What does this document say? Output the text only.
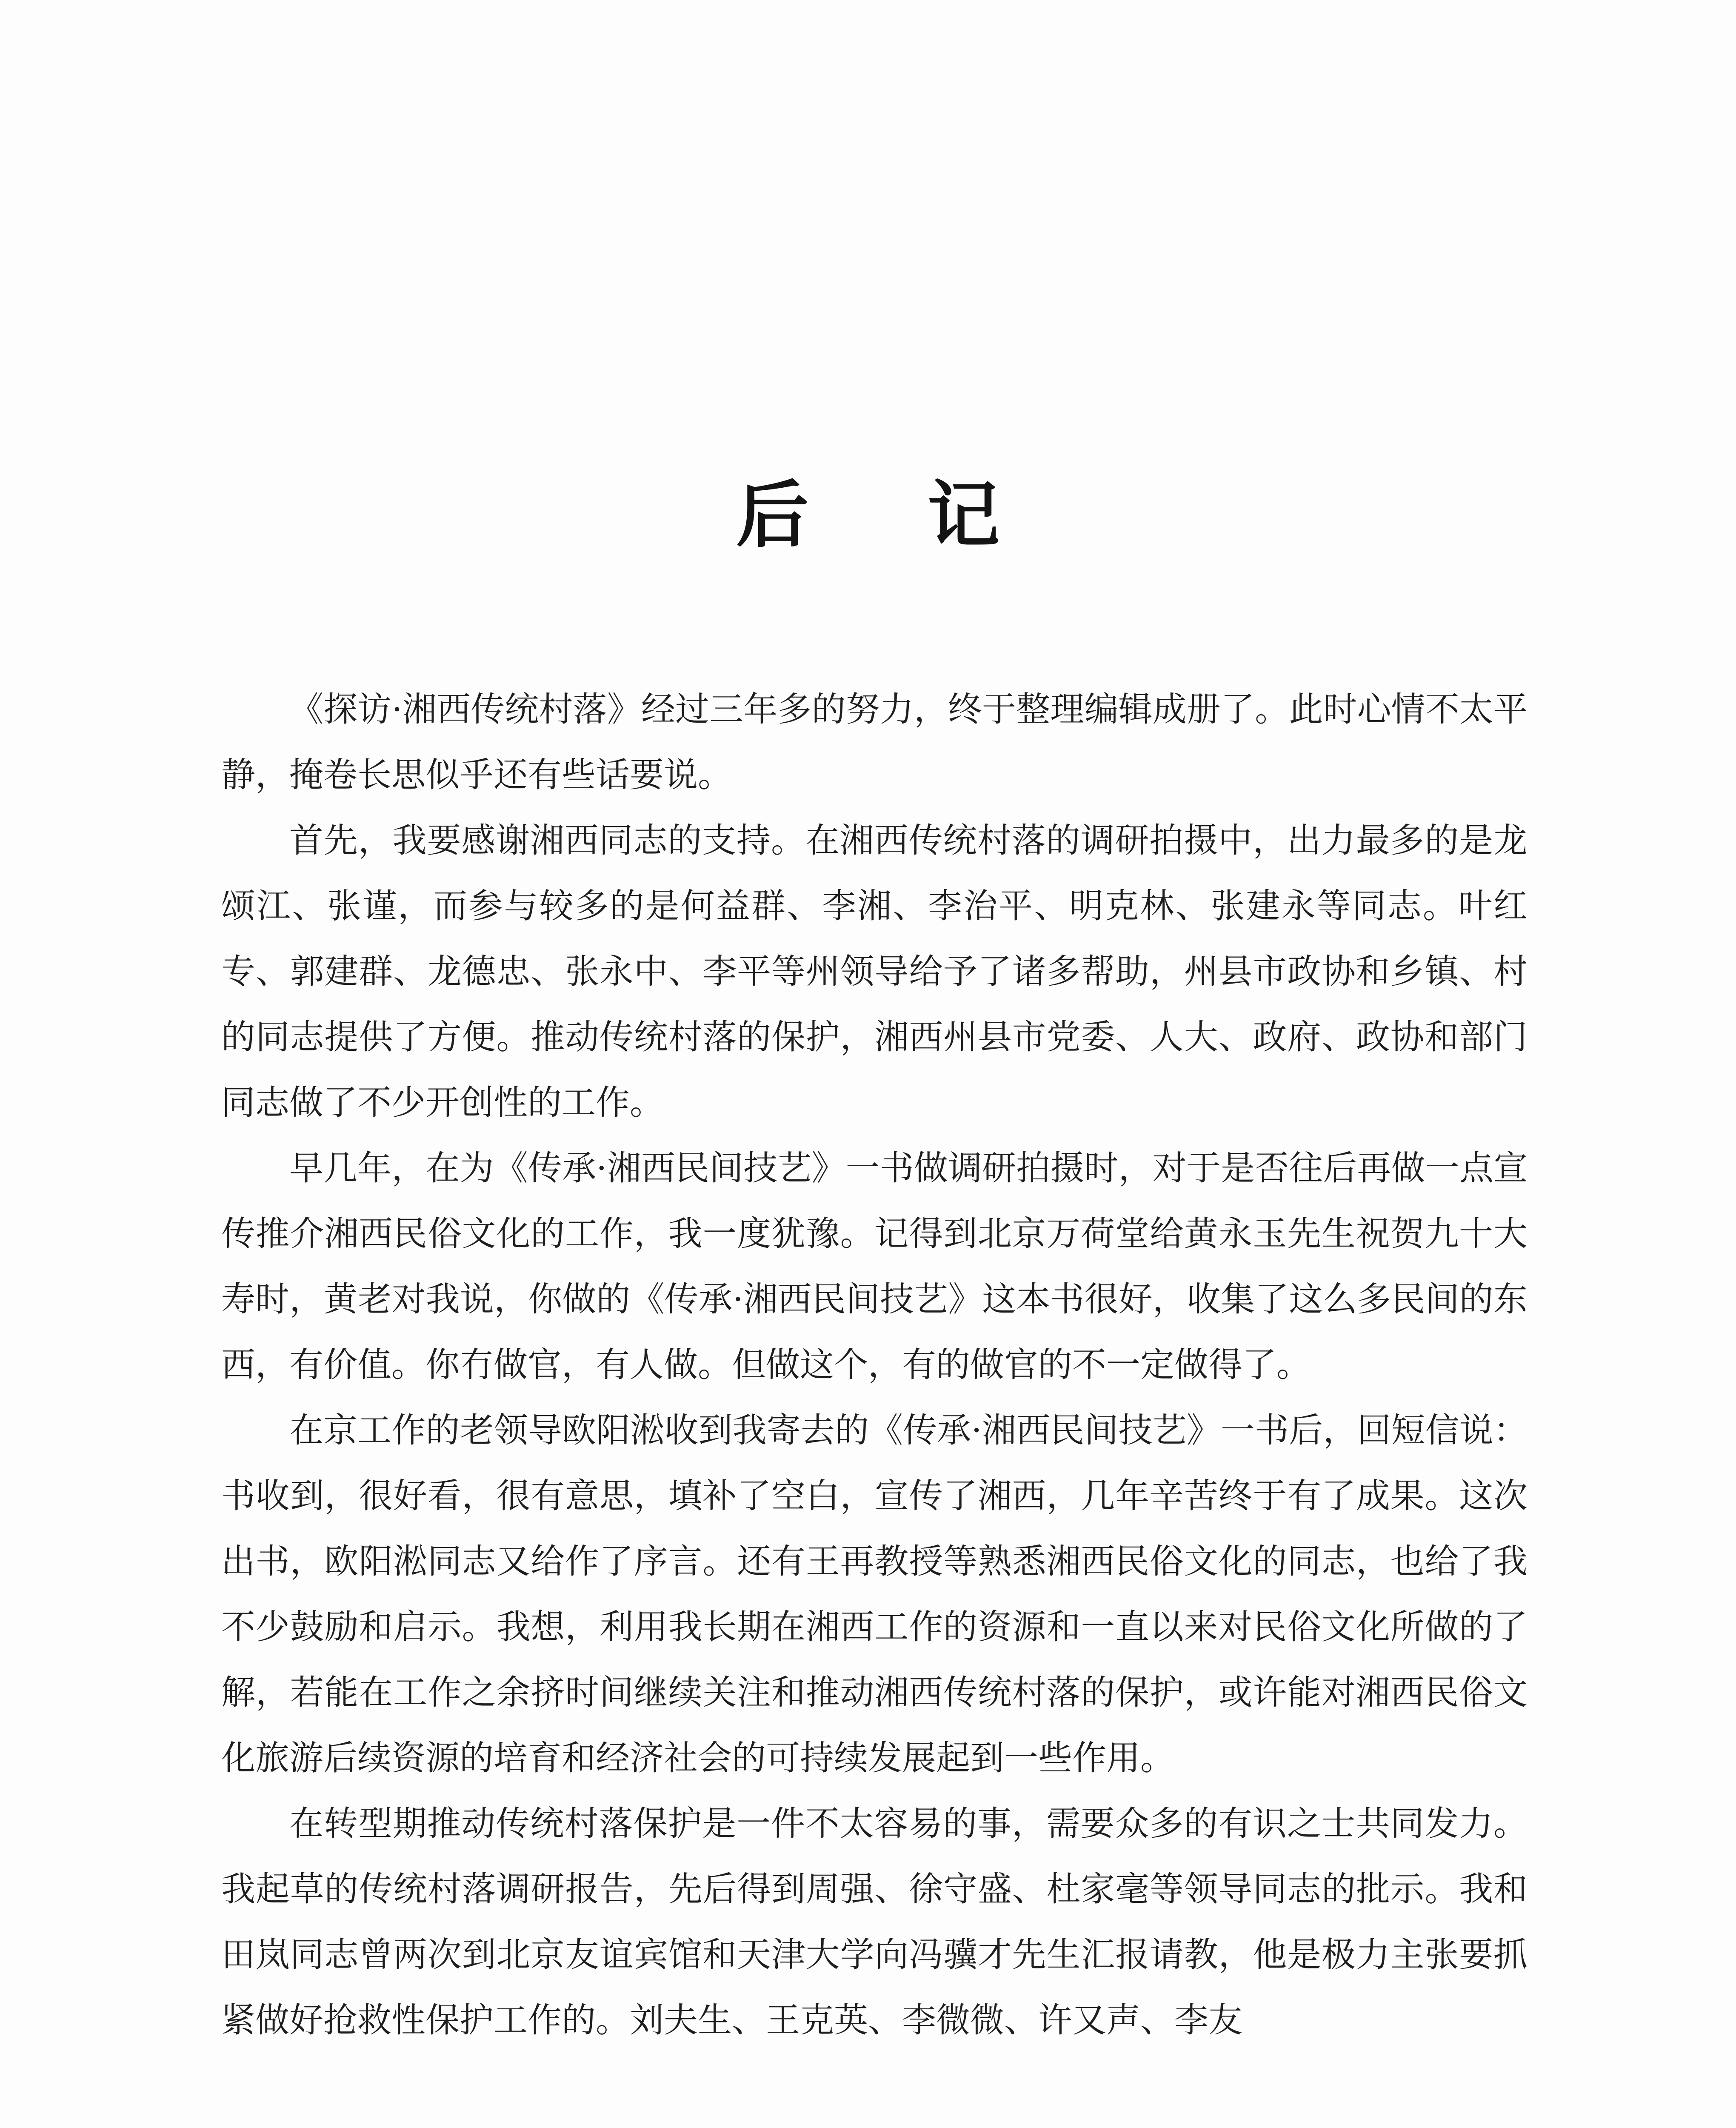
后 记

《探访·湘西传统村落》经过三年多的努力，终于整理编辑成册了。此时心情不太平静，掩卷长思似乎还有些话要说。

首先，我要感谢湘西同志的支持。在湘西传统村落的调研拍摄中，出力最多的是龙颂江、张谨，而参与较多的是何益群、李湘、李治平、明克林、张建永等同志。叶红专、郭建群、龙德忠、张永中、李平等州领导给予了诸多帮助，州县市政协和乡镇、村的同志提供了方便。推动传统村落的保护，湘西州县市党委、人大、政府、政协和部门同志做了不少开创性的工作。

早几年，在为《传承·湘西民间技艺》一书做调研拍摄时，对于是否往后再做一点宣传推介湘西民俗文化的工作，我一度犹豫。记得到北京万荷堂给黄永玉先生祝贺九十大寿时，黄老对我说，你做的《传承·湘西民间技艺》这本书很好，收集了这么多民间的东西，有价值。你冇做官，有人做。但做这个，有的做官的不一定做得了。

在京工作的老领导欧阳淞收到我寄去的《传承·湘西民间技艺》一书后，回短信说：书收到，很好看，很有意思，填补了空白，宣传了湘西，几年辛苦终于有了成果。这次出书，欧阳淞同志又给作了序言。还有王再教授等熟悉湘西民俗文化的同志，也给了我不少鼓励和启示。我想，利用我长期在湘西工作的资源和一直以来对民俗文化所做的了解，若能在工作之余挤时间继续关注和推动湘西传统村落的保护，或许能对湘西民俗文化旅游后续资源的培育和经济社会的可持续发展起到一些作用。

在转型期推动传统村落保护是一件不太容易的事，需要众多的有识之士共同发力。我起草的传统村落调研报告，先后得到周强、徐守盛、杜家毫等领导同志的批示。我和田岚同志曾两次到北京友谊宾馆和天津大学向冯骥才先生汇报请教，他是极力主张要抓紧做好抢救性保护工作的。刘夫生、王克英、李微微、许又声、李友
